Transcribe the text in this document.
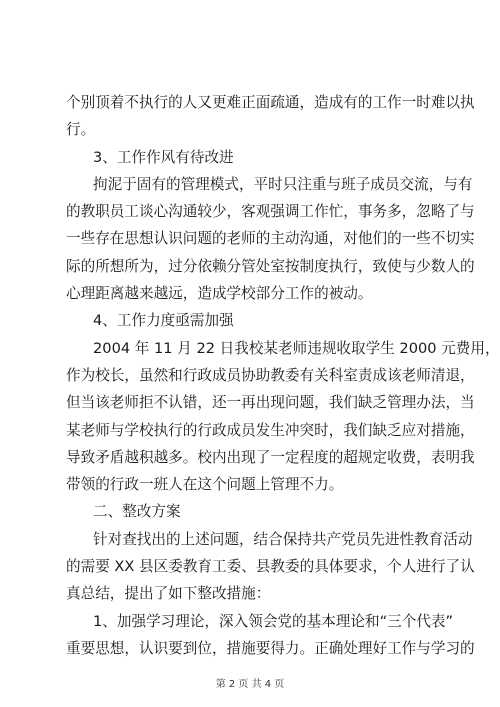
个别顶着不执行的人又更难正面疏通，造成有的工作一时难以执
行。
3、工作作风有待改进
拘泥于固有的管理模式，平时只注重与班子成员交流，与有
的教职员工谈心沟通较少，客观强调工作忙，事务多，忽略了与
一些存在思想认识问题的老师的主动沟通，对他们的一些不切实
际的所想所为，过分依赖分管处室按制度执行，致使与少数人的
心理距离越来越远，造成学校部分工作的被动。
4、工作力度亟需加强
2004 年 11 月 22 日我校某老师违规收取学生 2000 元费用，
作为校长，虽然和行政成员协助教委有关科室责成该老师清退，
但当该老师拒不认错，还一再出现问题，我们缺乏管理办法，当
某老师与学校执行的行政成员发生冲突时，我们缺乏应对措施，
导致矛盾越积越多。校内出现了一定程度的超规定收费，表明我
带领的行政一班人在这个问题上管理不力。
二、整改方案
针对查找出的上述问题，结合保持共产党员先进性教育活动
的需要 XX 县区委教育工委、县教委的具体要求，个人进行了认
真总结，提出了如下整改措施：
1、加强学习理论，深入领会党的基本理论和“三个代表”
重要思想，认识要到位，措施要得力。正确处理好工作与学习的
第 2 页 共 4 页
